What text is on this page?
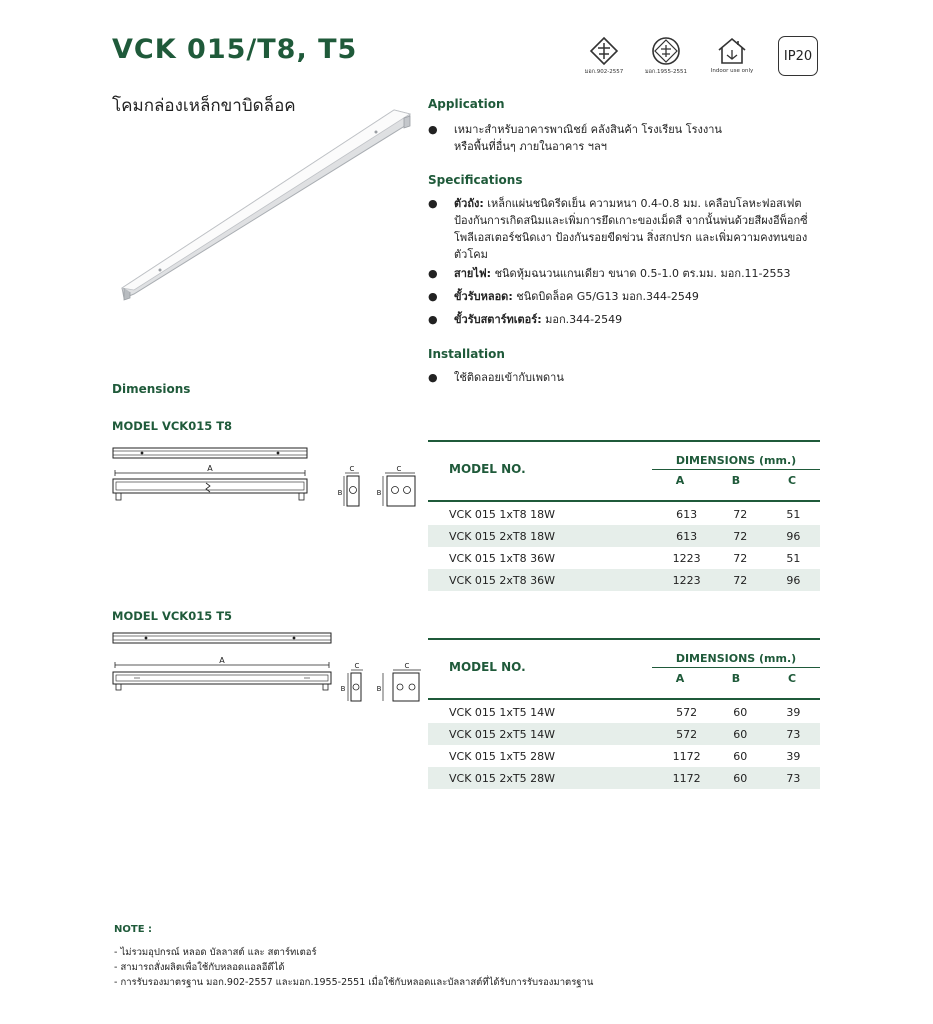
VCK 015/T8, T5
โคมกล่องเหล็กขาบิดล็อค
มอก.902-2557	มอก.1955-2551	Indoor use only
IP20
Application
● เหมาะสำหรับอาคารพาณิชย์ คลังสินค้า โรงเรียน โรงงาน
หรือพื้นที่อื่นๆ ภายในอาคาร ฯลฯ
Specifications
● ตัวถัง: เหล็กแผ่นชนิดรีดเย็น ความหนา 0.4-0.8 มม. เคลือบโลหะฟอสเฟต
ป้องกันการเกิดสนิมและเพิ่มการยึดเกาะของเม็ดสี จากนั้นพ่นด้วยสีผงอีพ็อกซี่
โพลีเอสเตอร์ชนิดเงา ป้องกันรอยขีดข่วน สิ่งสกปรก และเพิ่มความคงทนของ
ตัวโคม
● สายไฟ: ชนิดหุ้มฉนวนแกนเดียว ขนาด 0.5-1.0 ตร.มม. มอก.11-2553
● ขั้วรับหลอด: ชนิดบิดล็อค G5/G13 มอก.344-2549
● ขั้วรับสตาร์ทเตอร์: มอก.344-2549
Installation
● ใช้ติดลอยเข้ากับเพดาน
Dimensions
MODEL VCK015 T8
A	C
B
C
B
MODEL NO.
DIMENSIONS (mm.)
A	B	C
VCK 015 1xT8 18W	613	72	51
VCK 015 2xT8 18W	613	72	96
VCK 015 1xT8 36W	1223	72	51
VCK 015 2xT8 36W	1223	72	96
MODEL VCK015 T5
A
C
B
C
B
MODEL NO.
DIMENSIONS (mm.)
A	B	C
VCK 015 1xT5 14W	572	60	39
VCK 015 2xT5 14W	572	60	73
VCK 015 1xT5 28W	1172	60	39
VCK 015 2xT5 28W	1172	60	73
NOTE :
- ไม่รวมอุปกรณ์ หลอด บัลลาสต์ และ สตาร์ทเตอร์
- สามารถสั่งผลิตเพื่อใช้กับหลอดแอลอีดีได้
- การรับรองมาตรฐาน มอก.902-2557 และมอก.1955-2551 เมื่อใช้กับหลอดและบัลลาสต์ที่ได้รับการรับรองมาตรฐาน
